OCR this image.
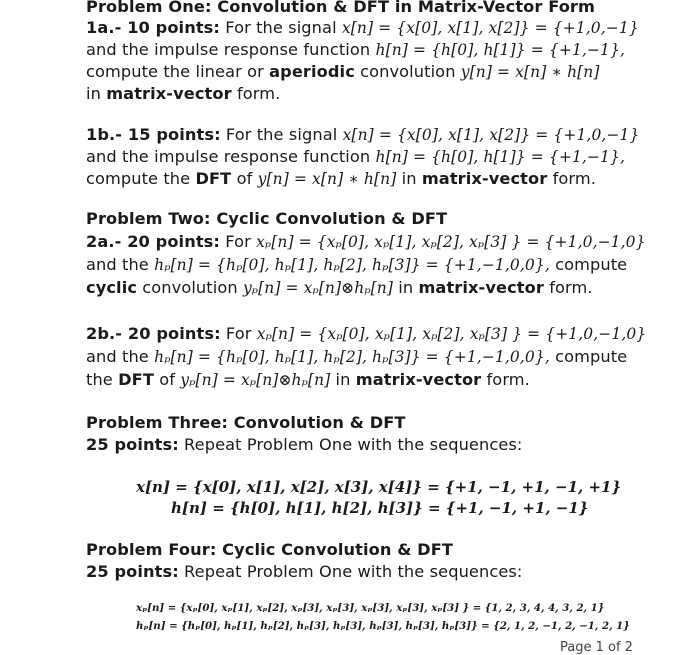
Problem One: Convolution & DFT in Matrix-Vector Form
1a.- 10 points: For the signal x[n] = {x[0], x[1], x[2]} = {+1,0,−1}
and the impulse response function h[n] = {h[0], h[1]} = {+1,−1},
compute the linear or aperiodic convolution y[n] = x[n] ∗ h[n]
in matrix-vector form.
1b.- 15 points: For the signal x[n] = {x[0], x[1], x[2]} = {+1,0,−1}
and the impulse response function h[n] = {h[0], h[1]} = {+1,−1},
compute the DFT of y[n] = x[n] ∗ h[n] in matrix-vector form.
Problem Two: Cyclic Convolution & DFT
2a.- 20 points: For xₚ[n] = {xₚ[0], xₚ[1], xₚ[2], xₚ[3] } = {+1,0,−1,0}
and the hₚ[n] = {hₚ[0], hₚ[1], hₚ[2], hₚ[3]} = {+1,−1,0,0}, compute
cyclic convolution yₚ[n] = xₚ[n]⊗hₚ[n] in matrix-vector form.
2b.- 20 points: For xₚ[n] = {xₚ[0], xₚ[1], xₚ[2], xₚ[3] } = {+1,0,−1,0}
and the hₚ[n] = {hₚ[0], hₚ[1], hₚ[2], hₚ[3]} = {+1,−1,0,0}, compute
the DFT of yₚ[n] = xₚ[n]⊗hₚ[n] in matrix-vector form.
Problem Three: Convolution & DFT
25 points: Repeat Problem One with the sequences:
x[n] = {x[0], x[1], x[2], x[3], x[4]} = {+1, −1, +1, −1, +1}
h[n] = {h[0], h[1], h[2], h[3]} = {+1, −1, +1, −1}
Problem Four: Cyclic Convolution & DFT
25 points: Repeat Problem One with the sequences:
xₚ[n] = {xₚ[0], xₚ[1], xₚ[2], xₚ[3], xₚ[3], xₚ[3], xₚ[3], xₚ[3] } = {1, 2, 3, 4, 4, 3, 2, 1}
hₚ[n] = {hₚ[0], hₚ[1], hₚ[2], hₚ[3], hₚ[3], hₚ[3], hₚ[3], hₚ[3]} = {2, 1, 2, −1, 2, −1, 2, 1}
Page 1 of 2
